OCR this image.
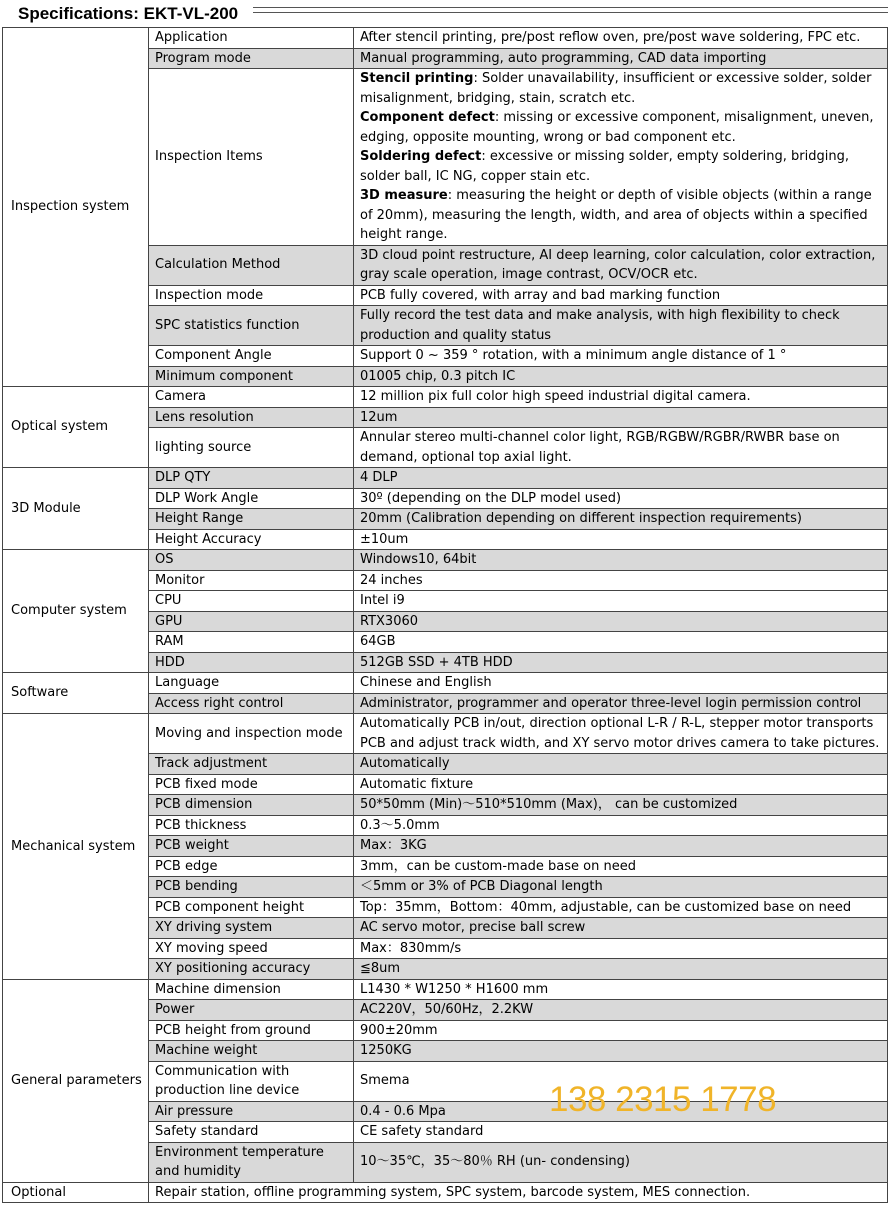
Specifications: EKT-VL-200
Inspection system	Application	After stencil printing, pre/post reflow oven, pre/post wave soldering, FPC etc.
	Program mode	Manual programming, auto programming, CAD data importing
	Inspection Items	Stencil printing: Solder unavailability, insufficient or excessive solder, solder misalignment, bridging, stain, scratch etc.
Component defect: missing or excessive component, misalignment, uneven, edging, opposite mounting, wrong or bad component etc.
Soldering defect: excessive or missing solder, empty soldering, bridging, solder ball, IC NG, copper stain etc.
3D measure: measuring the height or depth of visible objects (within a range of 20mm), measuring the length, width, and area of objects within a specified height range.

	Calculation Method	3D cloud point restructure, AI deep learning, color calculation, color extraction, gray scale operation, image contrast, OCV/OCR etc.
	Inspection mode	PCB fully covered, with array and bad marking function
	SPC statistics function	Fully record the test data and make analysis, with high flexibility to check production and quality status
	Component Angle	Support 0 ~ 359 ° rotation, with a minimum angle distance of 1 °
	Minimum component	01005 chip, 0.3 pitch IC
Optical system	Camera	12 million pix full color high speed industrial digital camera.
	Lens resolution	12um
	lighting source	Annular stereo multi-channel color light, RGB/RGBW/RGBR/RWBR base on demand, optional top axial light.
3D Module	DLP QTY	4 DLP
	DLP Work Angle	30º (depending on the DLP model used)
	Height Range	20mm (Calibration depending on different inspection requirements)
	Height Accuracy	±10um
Computer system	OS	Windows10, 64bit
	Monitor	24 inches
	CPU	Intel i9
	GPU	RTX3060
	RAM	64GB
	HDD	512GB SSD + 4TB HDD
Software	Language	Chinese and English
	Access right control	Administrator, programmer and operator three-level login permission control
Mechanical system	Moving and inspection mode	Automatically PCB in/out, direction optional L-R / R-L, stepper motor transports PCB and adjust track width, and XY servo motor drives camera to take pictures.
	Track adjustment	Automatically
	PCB fixed mode	Automatic fixture
	PCB dimension	50*50mm (Min)～510*510mm (Max)， can be customized
	PCB thickness	0.3～5.0mm
	PCB weight	Max：3KG
	PCB edge	3mm，can be custom-made base on need
	PCB bending	＜5mm or 3% of PCB Diagonal length
	PCB component height	Top：35mm，Bottom：40mm, adjustable, can be customized base on need
	XY driving system	AC servo motor, precise ball screw
	XY moving speed	Max：830mm/s
	XY positioning accuracy	≦8um
General parameters	Machine dimension	L1430 * W1250 * H1600 mm
	Power	AC220V，50/60Hz，2.2KW
	PCB height from ground	900±20mm
	Machine weight	1250KG
	Communication with production line device	Smema
	Air pressure	0.4 - 0.6 Mpa
	Safety standard	CE safety standard
	Environment temperature and humidity	10～35℃，35～80％ RH (un- condensing)
Optional	Repair station, offline programming system, SPC system, barcode system, MES connection.	
138 2315 1778
